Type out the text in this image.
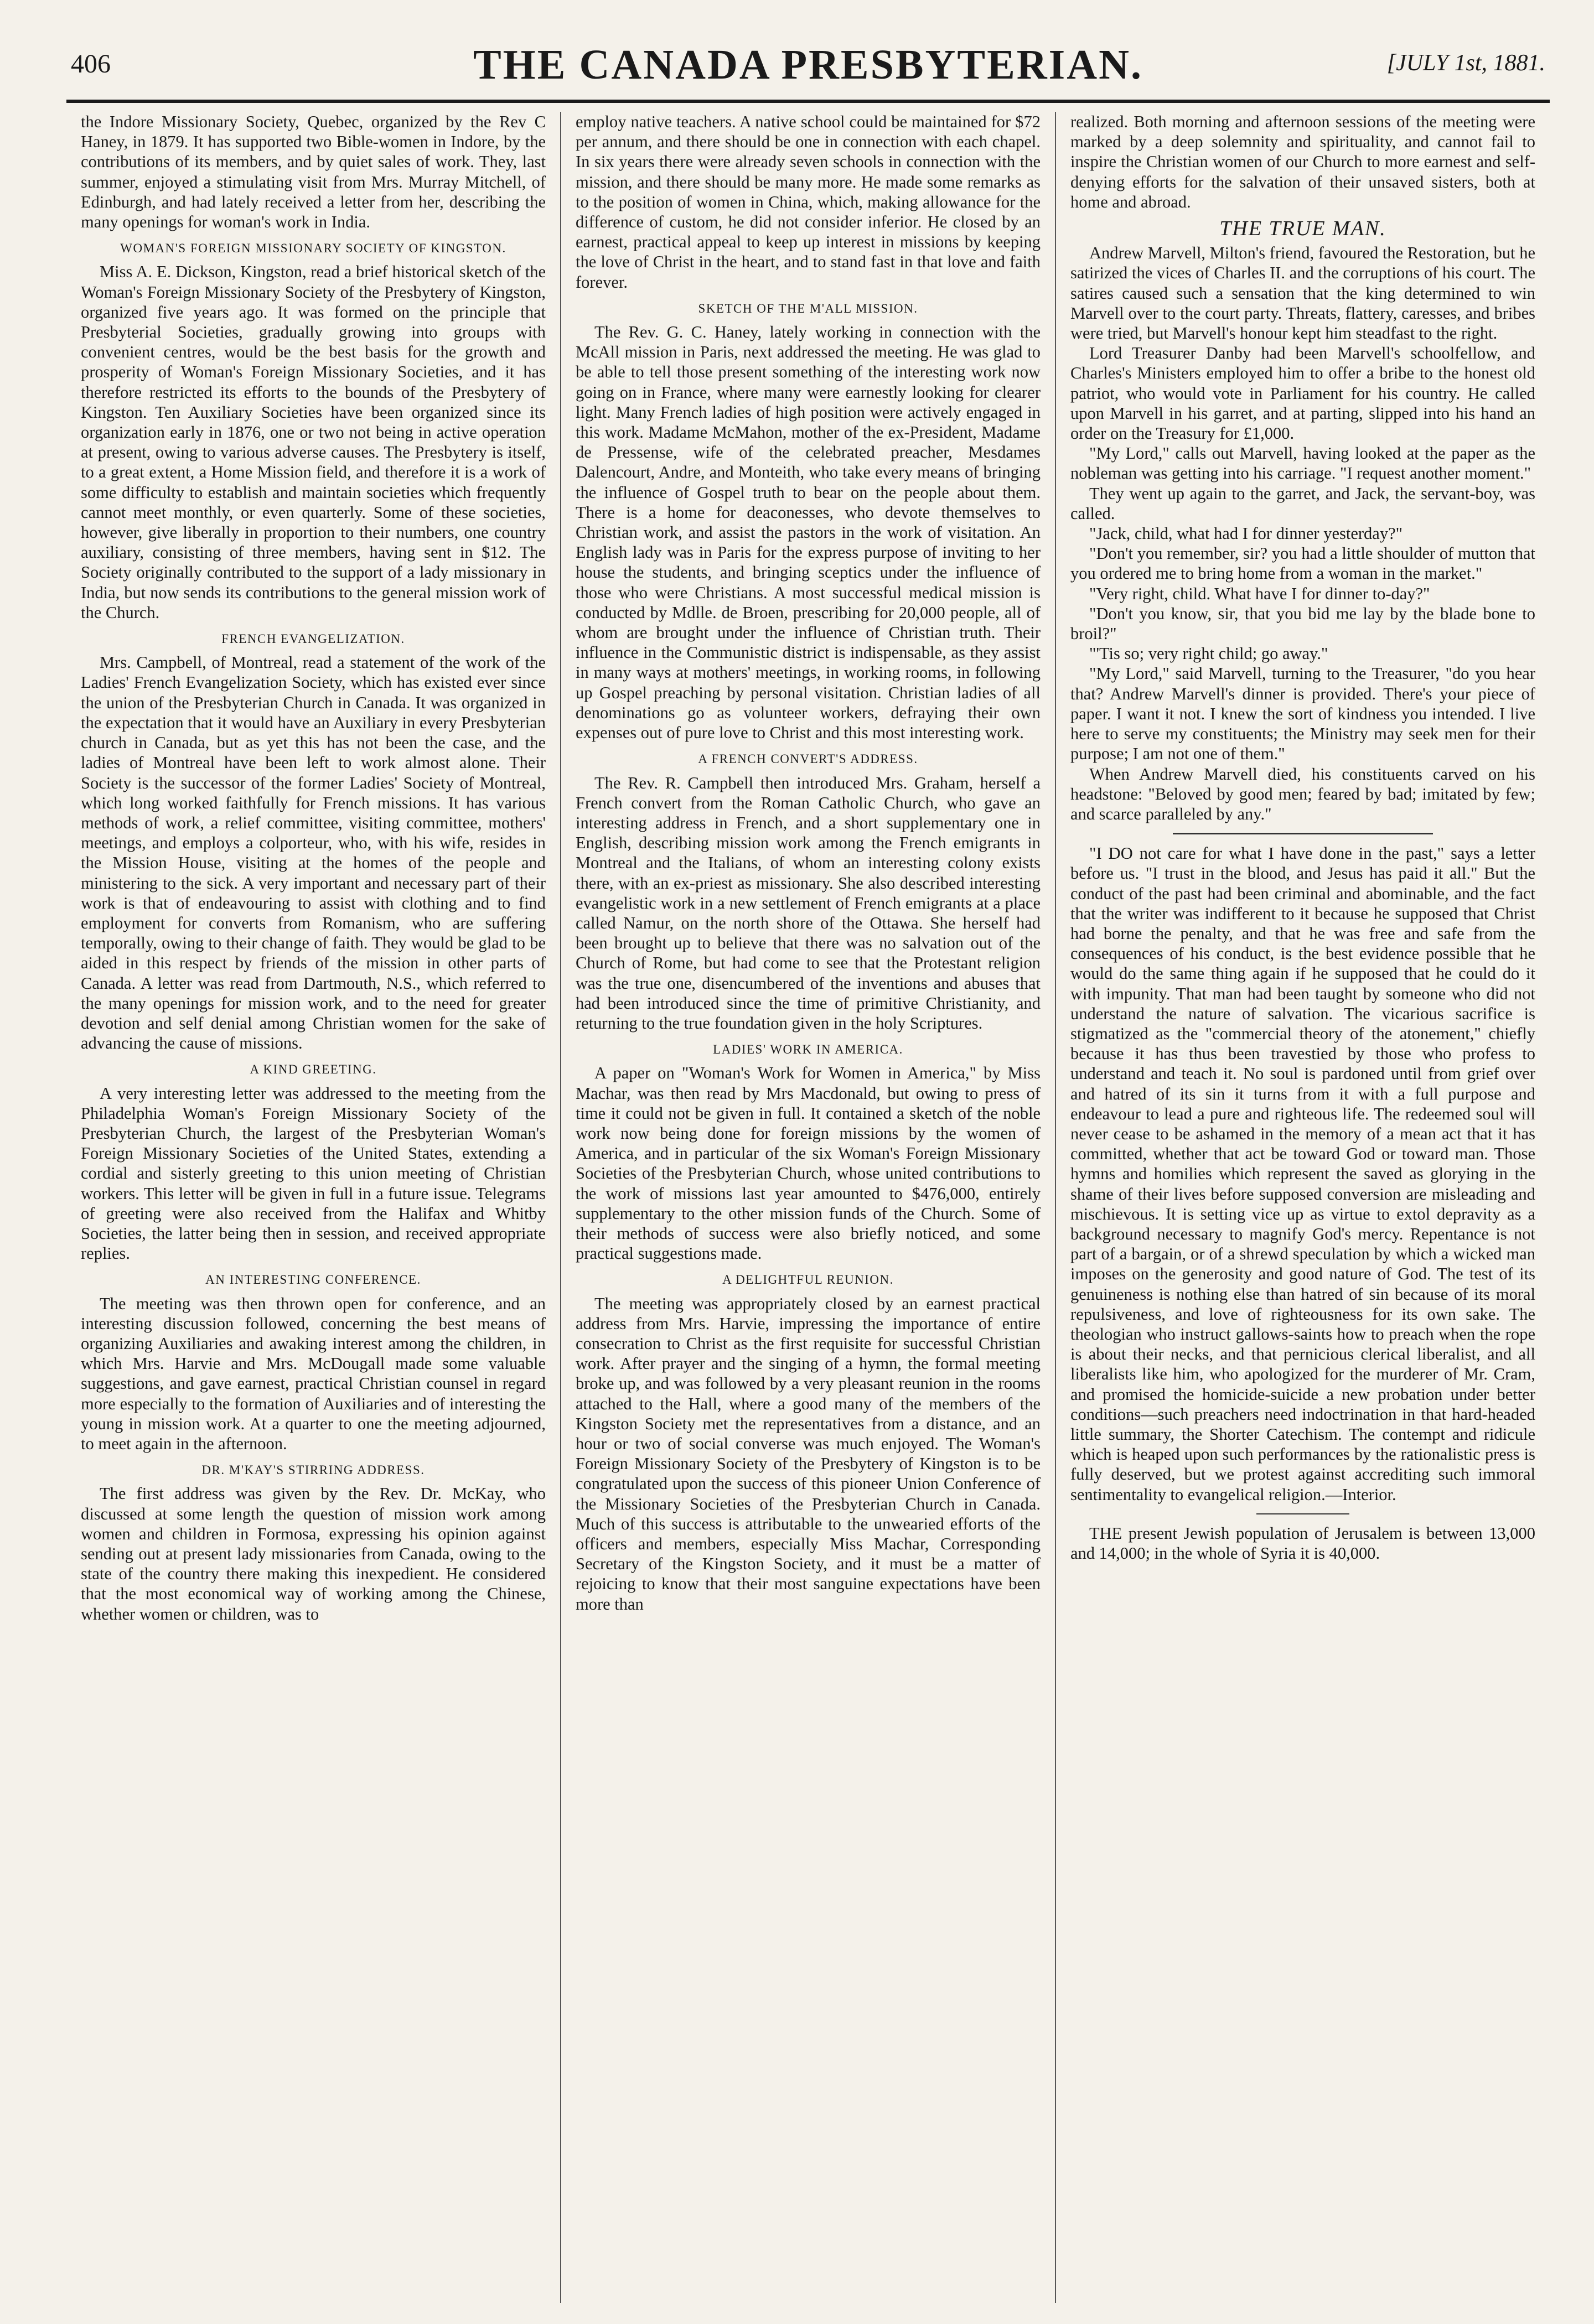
406	THE CANADA PRESBYTERIAN.	[JULY 1st, 1881.

the Indore Missionary Society, Quebec, organized by the Rev C Haney, in 1879. It has supported two Bible-women in Indore, by the contributions of its members, and by quiet sales of work. They, last summer, enjoyed a stimulating visit from Mrs. Murray Mitchell, of Edinburgh, and had lately received a letter from her, describing the many openings for woman's work in India.

WOMAN'S FOREIGN MISSIONARY SOCIETY OF KINGSTON.

Miss A. E. Dickson, Kingston, read a brief historical sketch of the Woman's Foreign Missionary Society of the Presbytery of Kingston, organized five years ago. It was formed on the principle that Presbyterial Societies, gradually growing into groups with convenient centres, would be the best basis for the growth and prosperity of Woman's Foreign Missionary Societies, and it has therefore restricted its efforts to the bounds of the Presbytery of Kingston. Ten Auxiliary Societies have been organized since its organization early in 1876, one or two not being in active operation at present, owing to various adverse causes. The Presbytery is itself, to a great extent, a Home Mission field, and therefore it is a work of some difficulty to establish and maintain societies which frequently cannot meet monthly, or even quarterly. Some of these societies, however, give liberally in proportion to their numbers, one country auxiliary, consisting of three members, having sent in $12. The Society originally contributed to the support of a lady missionary in India, but now sends its contributions to the general mission work of the Church.

FRENCH EVANGELIZATION.

Mrs. Campbell, of Montreal, read a statement of the work of the Ladies' French Evangelization Society, which has existed ever since the union of the Presbyterian Church in Canada. It was organized in the expectation that it would have an Auxiliary in every Presbyterian church in Canada, but as yet this has not been the case, and the ladies of Montreal have been left to work almost alone. Their Society is the successor of the former Ladies' Society of Montreal, which long worked faithfully for French missions. It has various methods of work, a relief committee, visiting committee, mothers' meetings, and employs a colporteur, who, with his wife, resides in the Mission House, visiting at the homes of the people and ministering to the sick. A very important and necessary part of their work is that of endeavouring to assist with clothing and to find employment for converts from Romanism, who are suffering temporally, owing to their change of faith. They would be glad to be aided in this respect by friends of the mission in other parts of Canada. A letter was read from Dartmouth, N.S., which referred to the many openings for mission work, and to the need for greater devotion and self denial among Christian women for the sake of advancing the cause of missions.

A KIND GREETING.

A very interesting letter was addressed to the meeting from the Philadelphia Woman's Foreign Missionary Society of the Presbyterian Church, the largest of the Presbyterian Woman's Foreign Missionary Societies of the United States, extending a cordial and sisterly greeting to this union meeting of Christian workers. This letter will be given in full in a future issue. Telegrams of greeting were also received from the Halifax and Whitby Societies, the latter being then in session, and received appropriate replies.

AN INTERESTING CONFERENCE.

The meeting was then thrown open for conference, and an interesting discussion followed, concerning the best means of organizing Auxiliaries and awaking interest among the children, in which Mrs. Harvie and Mrs. McDougall made some valuable suggestions, and gave earnest, practical Christian counsel in regard more especially to the formation of Auxiliaries and of interesting the young in mission work. At a quarter to one the meeting adjourned, to meet again in the afternoon.

DR. M'KAY'S STIRRING ADDRESS.

The first address was given by the Rev. Dr. McKay, who discussed at some length the question of mission work among women and children in Formosa, expressing his opinion against sending out at present lady missionaries from Canada, owing to the state of the country there making this inexpedient. He considered that the most economical way of working among the Chinese, whether women or children, was to

employ native teachers. A native school could be maintained for $72 per annum, and there should be one in connection with each chapel. In six years there were already seven schools in connection with the mission, and there should be many more. He made some remarks as to the position of women in China, which, making allowance for the difference of custom, he did not consider inferior. He closed by an earnest, practical appeal to keep up interest in missions by keeping the love of Christ in the heart, and to stand fast in that love and faith forever.

SKETCH OF THE M'ALL MISSION.

The Rev. G. C. Haney, lately working in connection with the McAll mission in Paris, next addressed the meeting. He was glad to be able to tell those present something of the interesting work now going on in France, where many were earnestly looking for clearer light. Many French ladies of high position were actively engaged in this work. Madame McMahon, mother of the ex-President, Madame de Pressense, wife of the celebrated preacher, Mesdames Dalencourt, Andre, and Monteith, who take every means of bringing the influence of Gospel truth to bear on the people about them. There is a home for deaconesses, who devote themselves to Christian work, and assist the pastors in the work of visitation. An English lady was in Paris for the express purpose of inviting to her house the students, and bringing sceptics under the influence of those who were Christians. A most successful medical mission is conducted by Mdlle. de Broen, prescribing for 20,000 people, all of whom are brought under the influence of Christian truth. Their influence in the Communistic district is indispensable, as they assist in many ways at mothers' meetings, in working rooms, in following up Gospel preaching by personal visitation. Christian ladies of all denominations go as volunteer workers, defraying their own expenses out of pure love to Christ and this most interesting work.

A FRENCH CONVERT'S ADDRESS.

The Rev. R. Campbell then introduced Mrs. Graham, herself a French convert from the Roman Catholic Church, who gave an interesting address in French, and a short supplementary one in English, describing mission work among the French emigrants in Montreal and the Italians, of whom an interesting colony exists there, with an ex-priest as missionary. She also described interesting evangelistic work in a new settlement of French emigrants at a place called Namur, on the north shore of the Ottawa. She herself had been brought up to believe that there was no salvation out of the Church of Rome, but had come to see that the Protestant religion was the true one, disencumbered of the inventions and abuses that had been introduced since the time of primitive Christianity, and returning to the true foundation given in the holy Scriptures.

LADIES' WORK IN AMERICA.

A paper on "Woman's Work for Women in America," by Miss Machar, was then read by Mrs Macdonald, but owing to press of time it could not be given in full. It contained a sketch of the noble work now being done for foreign missions by the women of America, and in particular of the six Woman's Foreign Missionary Societies of the Presbyterian Church, whose united contributions to the work of missions last year amounted to $476,000, entirely supplementary to the other mission funds of the Church. Some of their methods of success were also briefly noticed, and some practical suggestions made.

A DELIGHTFUL REUNION.

The meeting was appropriately closed by an earnest practical address from Mrs. Harvie, impressing the importance of entire consecration to Christ as the first requisite for successful Christian work. After prayer and the singing of a hymn, the formal meeting broke up, and was followed by a very pleasant reunion in the rooms attached to the Hall, where a good many of the members of the Kingston Society met the representatives from a distance, and an hour or two of social converse was much enjoyed. The Woman's Foreign Missionary Society of the Presbytery of Kingston is to be congratulated upon the success of this pioneer Union Conference of the Missionary Societies of the Presbyterian Church in Canada. Much of this success is attributable to the unwearied efforts of the officers and members, especially Miss Machar, Corresponding Secretary of the Kingston Society, and it must be a matter of rejoicing to know that their most sanguine expectations have been more than

realized. Both morning and afternoon sessions of the meeting were marked by a deep solemnity and spirituality, and cannot fail to inspire the Christian women of our Church to more earnest and self-denying efforts for the salvation of their unsaved sisters, both at home and abroad.

THE TRUE MAN.

Andrew Marvell, Milton's friend, favoured the Restoration, but he satirized the vices of Charles II. and the corruptions of his court. The satires caused such a sensation that the king determined to win Marvell over to the court party. Threats, flattery, caresses, and bribes were tried, but Marvell's honour kept him steadfast to the right.

Lord Treasurer Danby had been Marvell's schoolfellow, and Charles's Ministers employed him to offer a bribe to the honest old patriot, who would vote in Parliament for his country. He called upon Marvell in his garret, and at parting, slipped into his hand an order on the Treasury for £1,000.

"My Lord," calls out Marvell, having looked at the paper as the nobleman was getting into his carriage. "I request another moment."

They went up again to the garret, and Jack, the servant-boy, was called.

"Jack, child, what had I for dinner yesterday?"

"Don't you remember, sir? you had a little shoulder of mutton that you ordered me to bring home from a woman in the market."

"Very right, child. What have I for dinner to-day?"

"Don't you know, sir, that you bid me lay by the blade bone to broil?"

"'Tis so; very right child; go away."

"My Lord," said Marvell, turning to the Treasurer, "do you hear that? Andrew Marvell's dinner is provided. There's your piece of paper. I want it not. I knew the sort of kindness you intended. I live here to serve my constituents; the Ministry may seek men for their purpose; I am not one of them."

When Andrew Marvell died, his constituents carved on his headstone: "Beloved by good men; feared by bad; imitated by few; and scarce paralleled by any."

"I DO not care for what I have done in the past," says a letter before us. "I trust in the blood, and Jesus has paid it all." But the conduct of the past had been criminal and abominable, and the fact that the writer was indifferent to it because he supposed that Christ had borne the penalty, and that he was free and safe from the consequences of his conduct, is the best evidence possible that he would do the same thing again if he supposed that he could do it with impunity. That man had been taught by someone who did not understand the nature of salvation. The vicarious sacrifice is stigmatized as the "commercial theory of the atonement," chiefly because it has thus been travestied by those who profess to understand and teach it. No soul is pardoned until from grief over and hatred of its sin it turns from it with a full purpose and endeavour to lead a pure and righteous life. The redeemed soul will never cease to be ashamed in the memory of a mean act that it has committed, whether that act be toward God or toward man. Those hymns and homilies which represent the saved as glorying in the shame of their lives before supposed conversion are misleading and mischievous. It is setting vice up as virtue to extol depravity as a background necessary to magnify God's mercy. Repentance is not part of a bargain, or of a shrewd speculation by which a wicked man imposes on the generosity and good nature of God. The test of its genuineness is nothing else than hatred of sin because of its moral repulsiveness, and love of righteousness for its own sake. The theologian who instruct gallows-saints how to preach when the rope is about their necks, and that pernicious clerical liberalist, and all liberalists like him, who apologized for the murderer of Mr. Cram, and promised the homicide-suicide a new probation under better conditions—such preachers need indoctrination in that hard-headed little summary, the Shorter Catechism. The contempt and ridicule which is heaped upon such performances by the rationalistic press is fully deserved, but we protest against accrediting such immoral sentimentality to evangelical religion.—Interior.

THE present Jewish population of Jerusalem is between 13,000 and 14,000; in the whole of Syria it is 40,000.
